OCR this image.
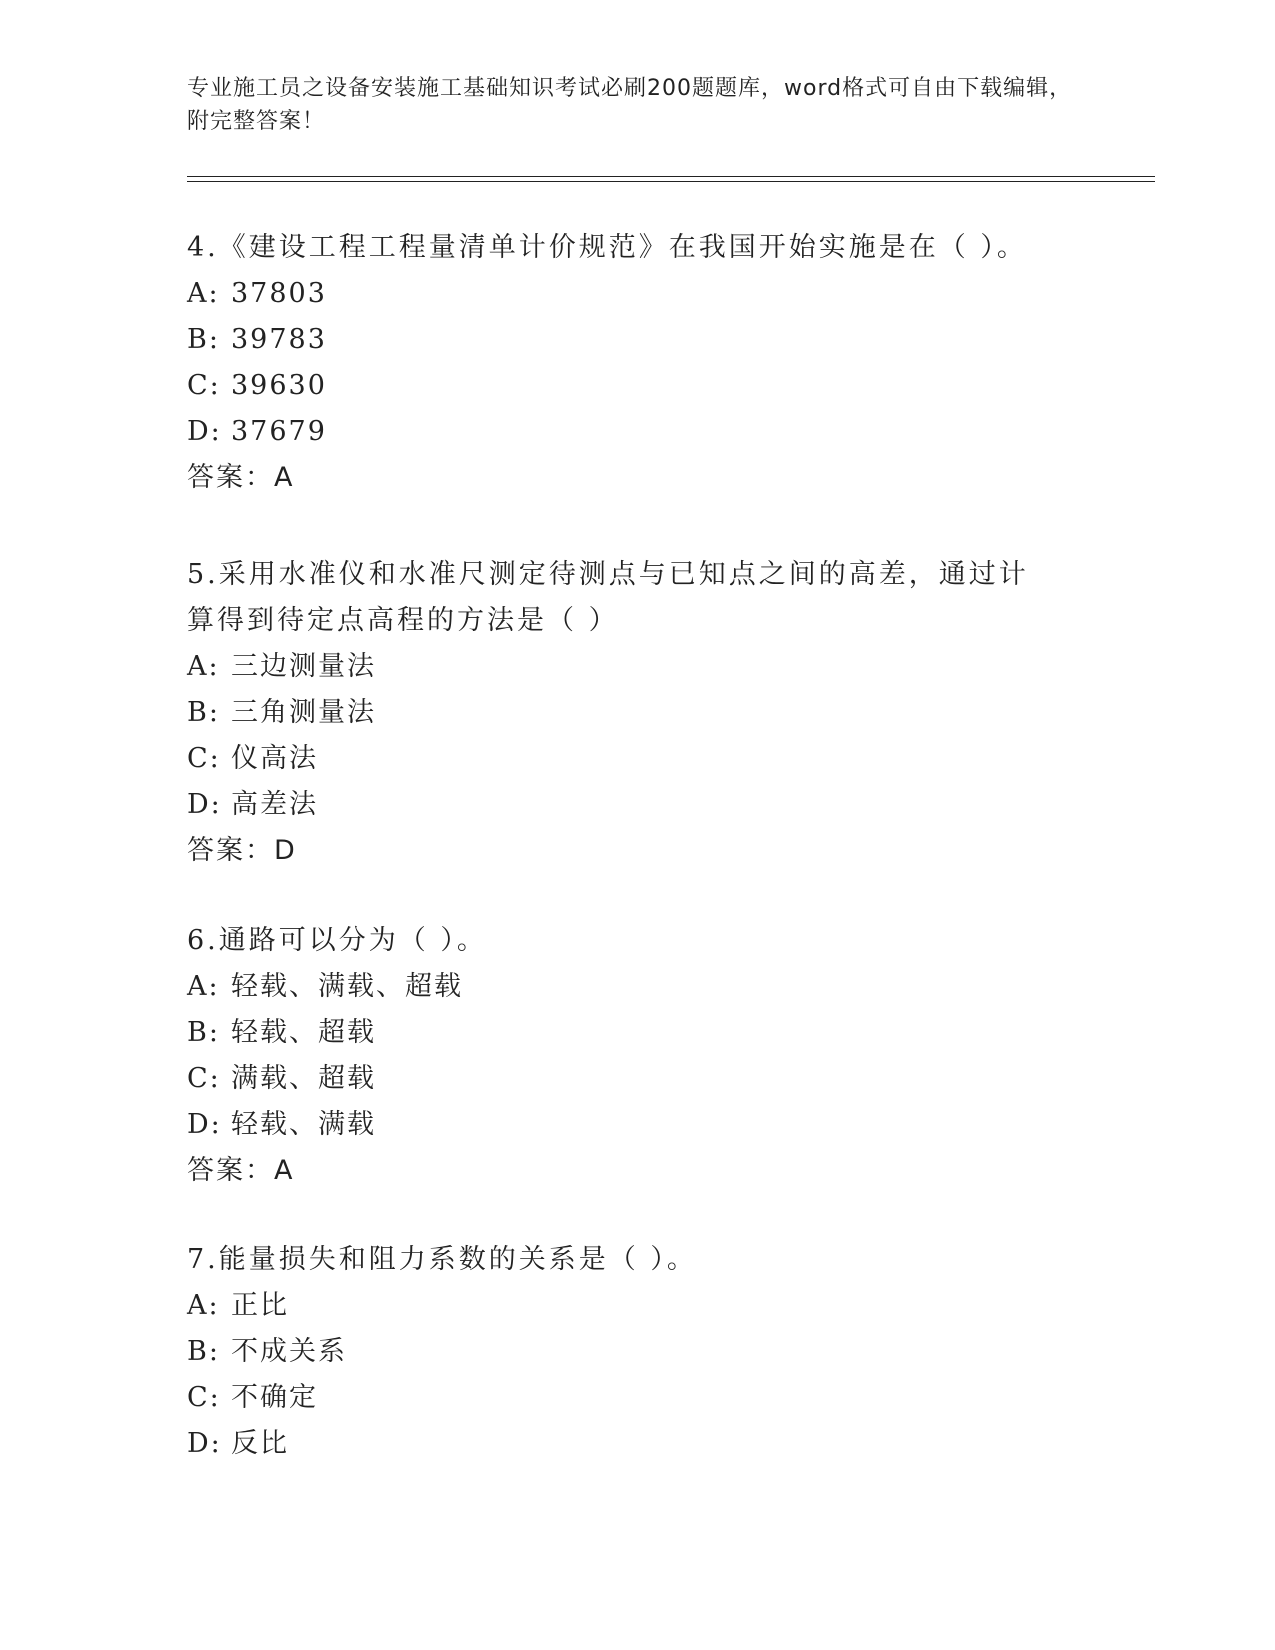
专业施工员之设备安装施工基础知识考试必刷200题题库，word格式可自由下载编辑，附完整答案！

4.《建设工程工程量清单计价规范》在我国开始实施是在（ ）。

A: 37803

B: 39783

C: 39630

D: 37679

答案：A

5.采用水准仪和水准尺测定待测点与已知点之间的高差，通过计算得到待定点高程的方法是（ ）

A: 三边测量法

B: 三角测量法

C: 仪高法

D: 高差法

答案：D

6.通路可以分为（ ）。

A: 轻载、满载、超载

B: 轻载、超载

C: 满载、超载

D: 轻载、满载

答案：A

7.能量损失和阻力系数的关系是（ ）。

A: 正比

B: 不成关系

C: 不确定

D: 反比
